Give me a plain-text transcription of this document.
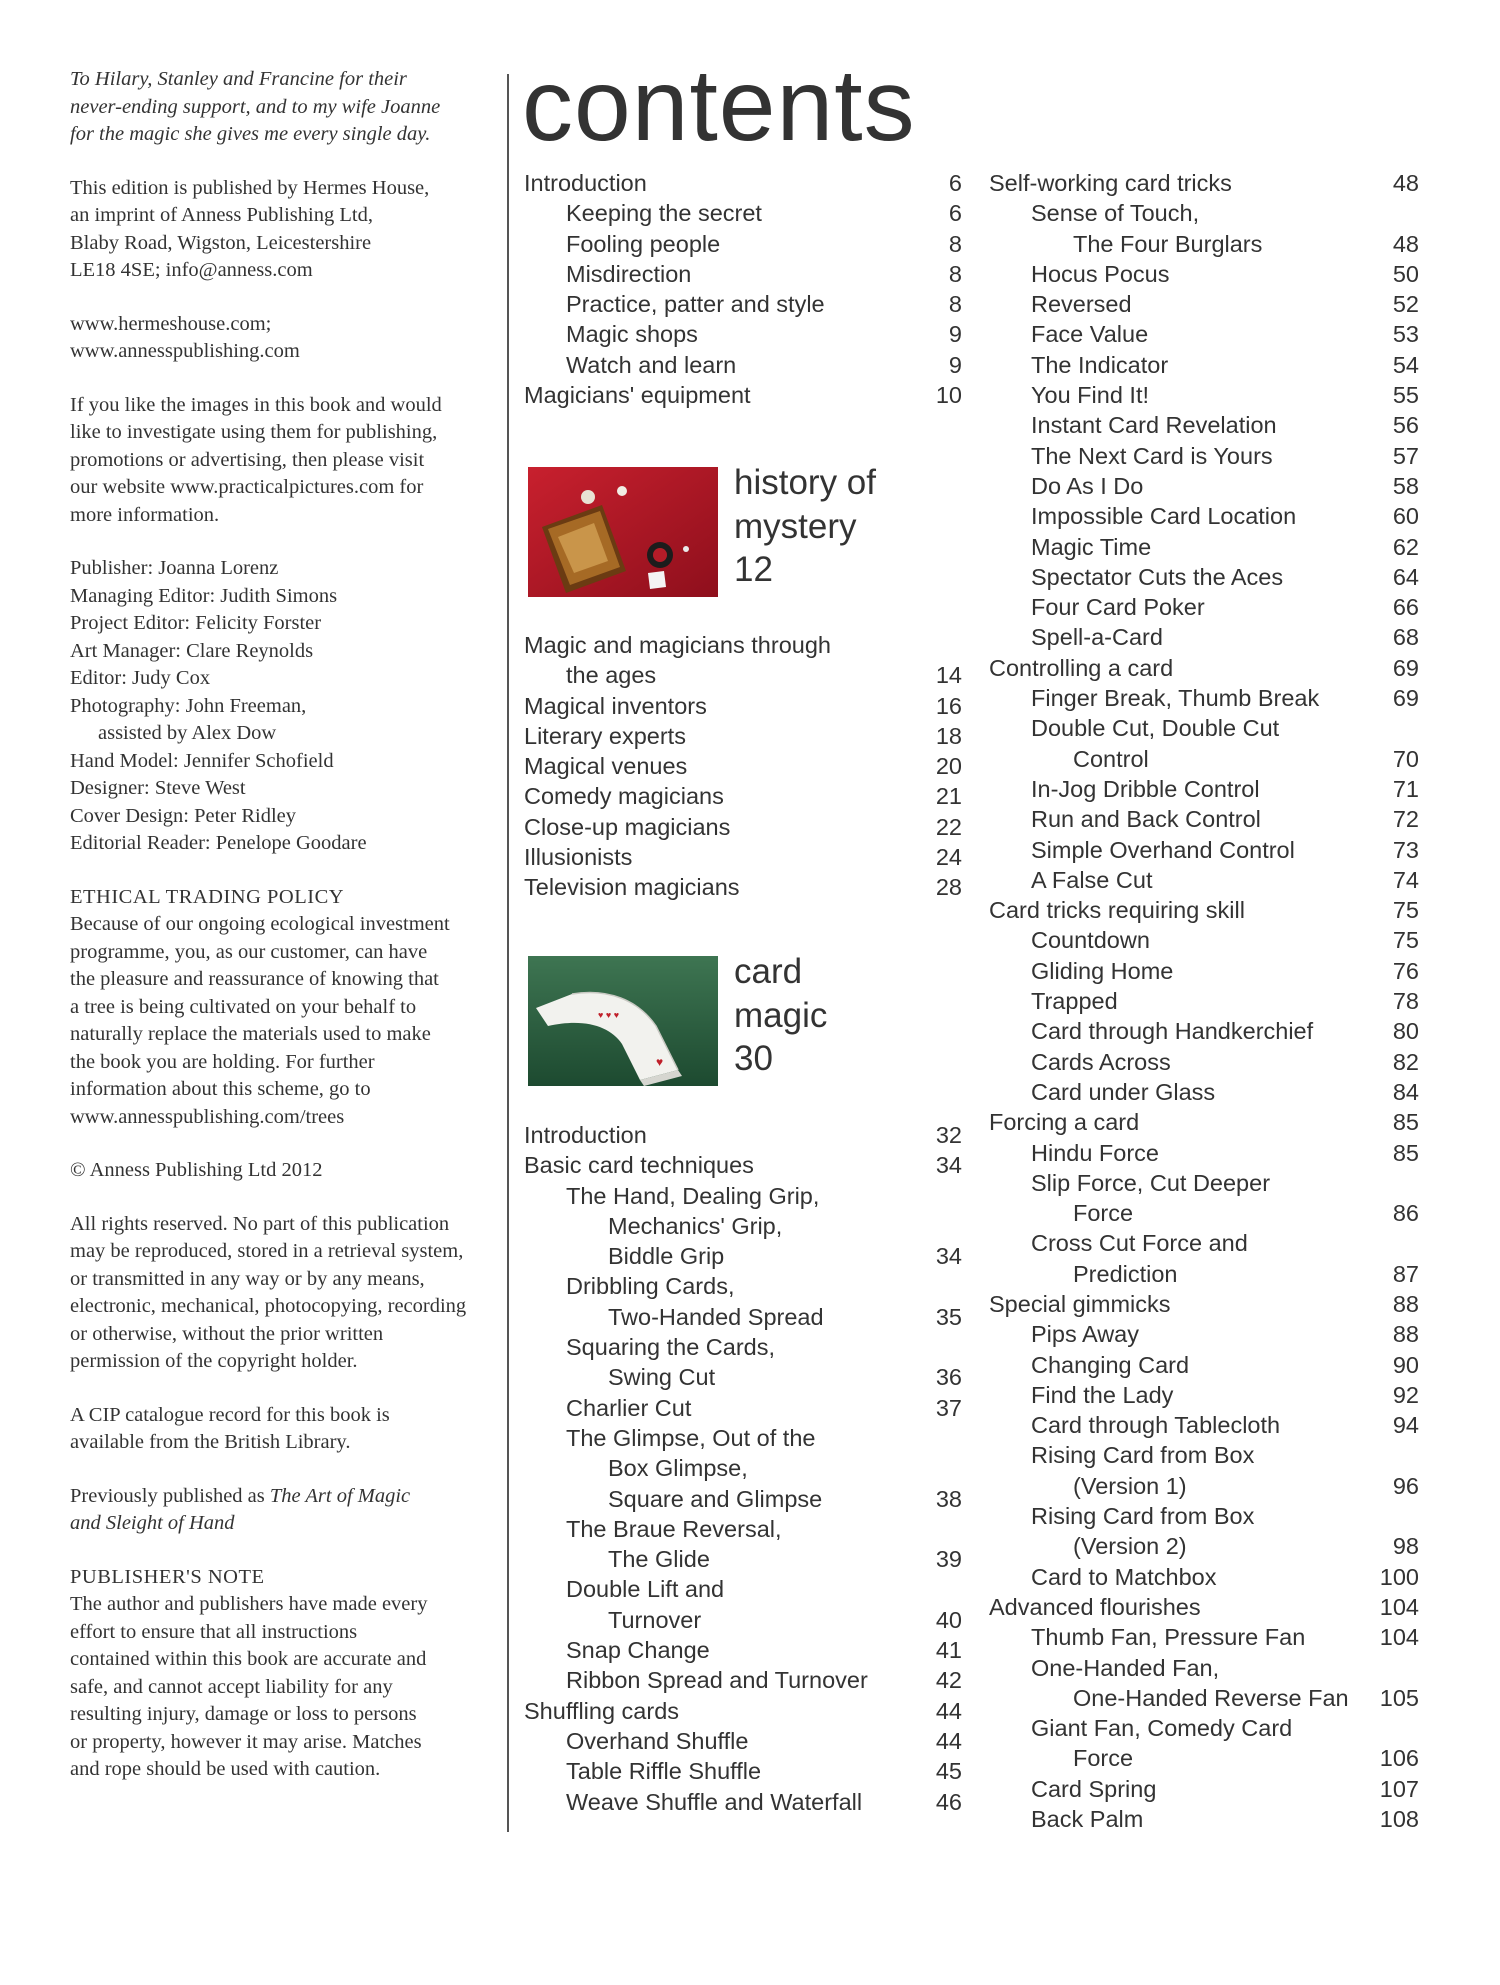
To Hilary, Stanley and Francine for their
never-ending support, and to my wife Joanne
for the magic she gives me every single day.
This edition is published by Hermes House,
an imprint of Anness Publishing Ltd,
Blaby Road, Wigston, Leicestershire
LE18 4SE; info@anness.com
www.hermeshouse.com;
www.annesspublishing.com
If you like the images in this book and would
like to investigate using them for publishing,
promotions or advertising, then please visit
our website www.practicalpictures.com for
more information.
Publisher: Joanna Lorenz
Managing Editor: Judith Simons
Project Editor: Felicity Forster
Art Manager: Clare Reynolds
Editor: Judy Cox
Photography: John Freeman,
assisted by Alex Dow
Hand Model: Jennifer Schofield
Designer: Steve West
Cover Design: Peter Ridley
Editorial Reader: Penelope Goodare
ETHICAL TRADING POLICY
Because of our ongoing ecological investment
programme, you, as our customer, can have
the pleasure and reassurance of knowing that
a tree is being cultivated on your behalf to
naturally replace the materials used to make
the book you are holding. For further
information about this scheme, go to
www.annesspublishing.com/trees
© Anness Publishing Ltd 2012
All rights reserved. No part of this publication
may be reproduced, stored in a retrieval system,
or transmitted in any way or by any means,
electronic, mechanical, photocopying, recording
or otherwise, without the prior written
permission of the copyright holder.
A CIP catalogue record for this book is
available from the British Library.
Previously published as The Art of Magic
and Sleight of Hand
PUBLISHER'S NOTE
The author and publishers have made every
effort to ensure that all instructions
contained within this book are accurate and
safe, and cannot accept liability for any
resulting injury, damage or loss to persons
or property, however it may arise. Matches
and rope should be used with caution.
contents
Introduction	6
Keeping the secret	6
Fooling people	8
Misdirection	8
Practice, patter and style	8
Magic shops	9
Watch and learn	9
Magicians' equipment	10
history of
mystery
12
Magic and magicians through
the ages	14
Magical inventors	16
Literary experts	18
Magical venues	20
Comedy magicians	21
Close-up magicians	22
Illusionists	24
Television magicians	28
♥
♥ ♥ ♥
card
magic
30
Introduction	32
Basic card techniques	34
The Hand, Dealing Grip,
Mechanics' Grip,
Biddle Grip	34
Dribbling Cards,
Two-Handed Spread	35
Squaring the Cards,
Swing Cut	36
Charlier Cut	37
The Glimpse, Out of the
Box Glimpse,
Square and Glimpse	38
The Braue Reversal,
The Glide	39
Double Lift and
Turnover	40
Snap Change	41
Ribbon Spread and Turnover	42
Shuffling cards	44
Overhand Shuffle	44
Table Riffle Shuffle	45
Weave Shuffle and Waterfall	46
Self-working card tricks	48
Sense of Touch,
The Four Burglars	48
Hocus Pocus	50
Reversed	52
Face Value	53
The Indicator	54
You Find It!	55
Instant Card Revelation	56
The Next Card is Yours	57
Do As I Do	58
Impossible Card Location	60
Magic Time	62
Spectator Cuts the Aces	64
Four Card Poker	66
Spell-a-Card	68
Controlling a card	69
Finger Break, Thumb Break	69
Double Cut, Double Cut
Control	70
In-Jog Dribble Control	71
Run and Back Control	72
Simple Overhand Control	73
A False Cut	74
Card tricks requiring skill	75
Countdown	75
Gliding Home	76
Trapped	78
Card through Handkerchief	80
Cards Across	82
Card under Glass	84
Forcing a card	85
Hindu Force	85
Slip Force, Cut Deeper
Force	86
Cross Cut Force and
Prediction	87
Special gimmicks	88
Pips Away	88
Changing Card	90
Find the Lady	92
Card through Tablecloth	94
Rising Card from Box
(Version 1)	96
Rising Card from Box
(Version 2)	98
Card to Matchbox	100
Advanced flourishes	104
Thumb Fan, Pressure Fan	104
One-Handed Fan,
One-Handed Reverse Fan 105
Giant Fan, Comedy Card
Force	106
Card Spring	107
Back Palm	108
